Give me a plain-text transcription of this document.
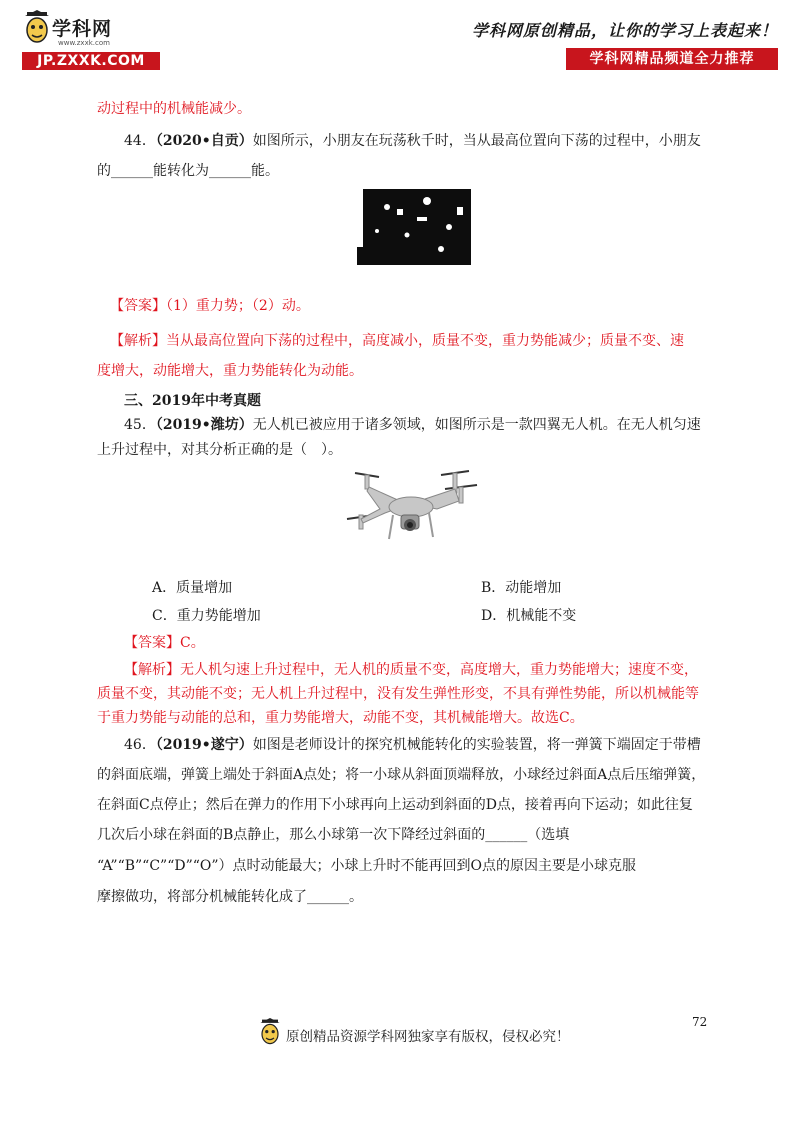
学科网
www.zxxk.com
JP.ZXXK.COM
学科网原创精品，让你的学习上表起来！
学科网精品频道全力推荐
动过程中的机械能减少。
44．（2020•自贡）如图所示，小朋友在玩荡秋千时，当从最高位置向下荡的过程中，小朋友
的______能转化为______能。
【答案】（1）重力势；（2）动。
【解析】当从最高位置向下荡的过程中，高度减小，质量不变，重力势能减少；质量不变、速
度增大，动能增大，重力势能转化为动能。
三、2019年中考真题
45．（2019•潍坊）无人机已被应用于诸多领域，如图所示是一款四翼无人机。在无人机匀速
上升过程中，对其分析正确的是（　）。
A．质量增加	B．动能增加
C．重力势能增加	D．机械能不变
【答案】C。
【解析】无人机匀速上升过程中，无人机的质量不变，高度增大，重力势能增大；速度不变，
质量不变，其动能不变；无人机上升过程中，没有发生弹性形变，不具有弹性势能，所以机械能等
于重力势能与动能的总和，重力势能增大，动能不变，其机械能增大。故选C。
46．（2019•遂宁）如图是老师设计的探究机械能转化的实验装置，将一弹簧下端固定于带槽
的斜面底端，弹簧上端处于斜面A点处；将一小球从斜面顶端释放，小球经过斜面A点后压缩弹簧，
在斜面C点停止；然后在弹力的作用下小球再向上运动到斜面的D点，接着再向下运动；如此往复
几次后小球在斜面的B点静止，那么小球第一次下降经过斜面的______（选填
“A”“B”“C”“D”“O”）点时动能最大；小球上升时不能再回到O点的原因主要是小球克服
摩擦做功，将部分机械能转化成了______。
72
原创精品资源学科网独家享有版权，侵权必究！
